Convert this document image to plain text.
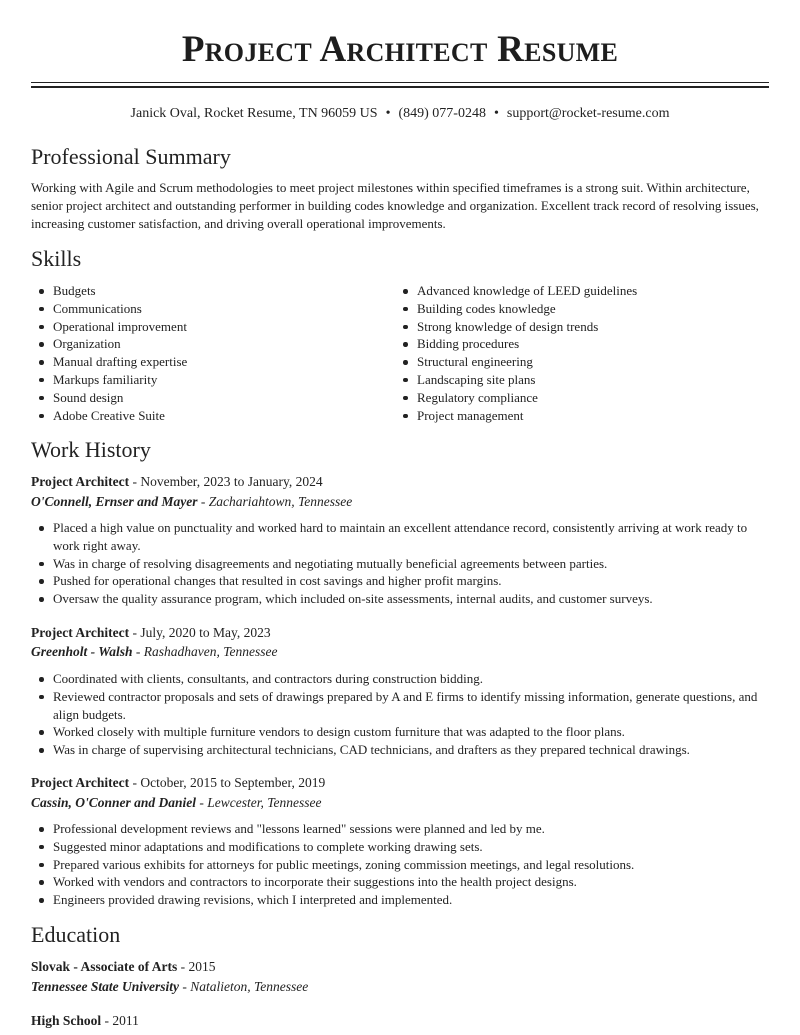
Project Architect Resume
Janick Oval, Rocket Resume, TN 96059 US • (849) 077-0248 • support@rocket-resume.com
Professional Summary
Working with Agile and Scrum methodologies to meet project milestones within specified timeframes is a strong suit. Within architecture, senior project architect and outstanding performer in building codes knowledge and organization. Excellent track record of resolving issues, increasing customer satisfaction, and driving overall operational improvements.
Skills
Budgets
Communications
Operational improvement
Organization
Manual drafting expertise
Markups familiarity
Sound design
Adobe Creative Suite
Advanced knowledge of LEED guidelines
Building codes knowledge
Strong knowledge of design trends
Bidding procedures
Structural engineering
Landscaping site plans
Regulatory compliance
Project management
Work History
Project Architect - November, 2023 to January, 2024
O'Connell, Ernser and Mayer - Zachariahtown, Tennessee
Placed a high value on punctuality and worked hard to maintain an excellent attendance record, consistently arriving at work ready to work right away.
Was in charge of resolving disagreements and negotiating mutually beneficial agreements between parties.
Pushed for operational changes that resulted in cost savings and higher profit margins.
Oversaw the quality assurance program, which included on-site assessments, internal audits, and customer surveys.
Project Architect - July, 2020 to May, 2023
Greenholt - Walsh - Rashadhaven, Tennessee
Coordinated with clients, consultants, and contractors during construction bidding.
Reviewed contractor proposals and sets of drawings prepared by A and E firms to identify missing information, generate questions, and align budgets.
Worked closely with multiple furniture vendors to design custom furniture that was adapted to the floor plans.
Was in charge of supervising architectural technicians, CAD technicians, and drafters as they prepared technical drawings.
Project Architect - October, 2015 to September, 2019
Cassin, O'Conner and Daniel - Lewcester, Tennessee
Professional development reviews and "lessons learned" sessions were planned and led by me.
Suggested minor adaptations and modifications to complete working drawing sets.
Prepared various exhibits for attorneys for public meetings, zoning commission meetings, and legal resolutions.
Worked with vendors and contractors to incorporate their suggestions into the health project designs.
Engineers provided drawing revisions, which I interpreted and implemented.
Education
Slovak - Associate of Arts - 2015
Tennessee State University - Natalieton, Tennessee
High School - 2011
